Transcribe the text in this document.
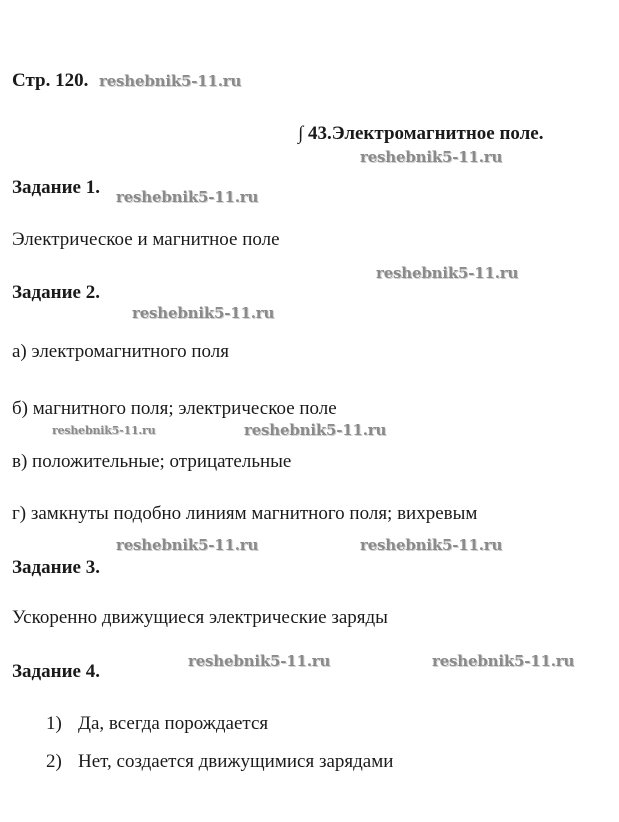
Стр. 120. reshebnik5-11.ru
∫ 43.Электромагнитное поле.
reshebnik5-11.ru
Задание 1. reshebnik5-11.ru
Электрическое и магнитное поле
reshebnik5-11.ru
Задание 2.
reshebnik5-11.ru
а) электромагнитного поля
б) магнитного поля; электрическое поле
reshebnik5-11.ru	reshebnik5-11.ru
в) положительные; отрицательные
г) замкнуты подобно линиям магнитного поля; вихревым
reshebnik5-11.ru	reshebnik5-11.ru
Задание 3.
Ускоренно движущиеся электрические заряды
reshebnik5-11.ru	reshebnik5-11.ru
Задание 4.
1) Да, всегда порождается
2) Нет, создается движущимися зарядами
